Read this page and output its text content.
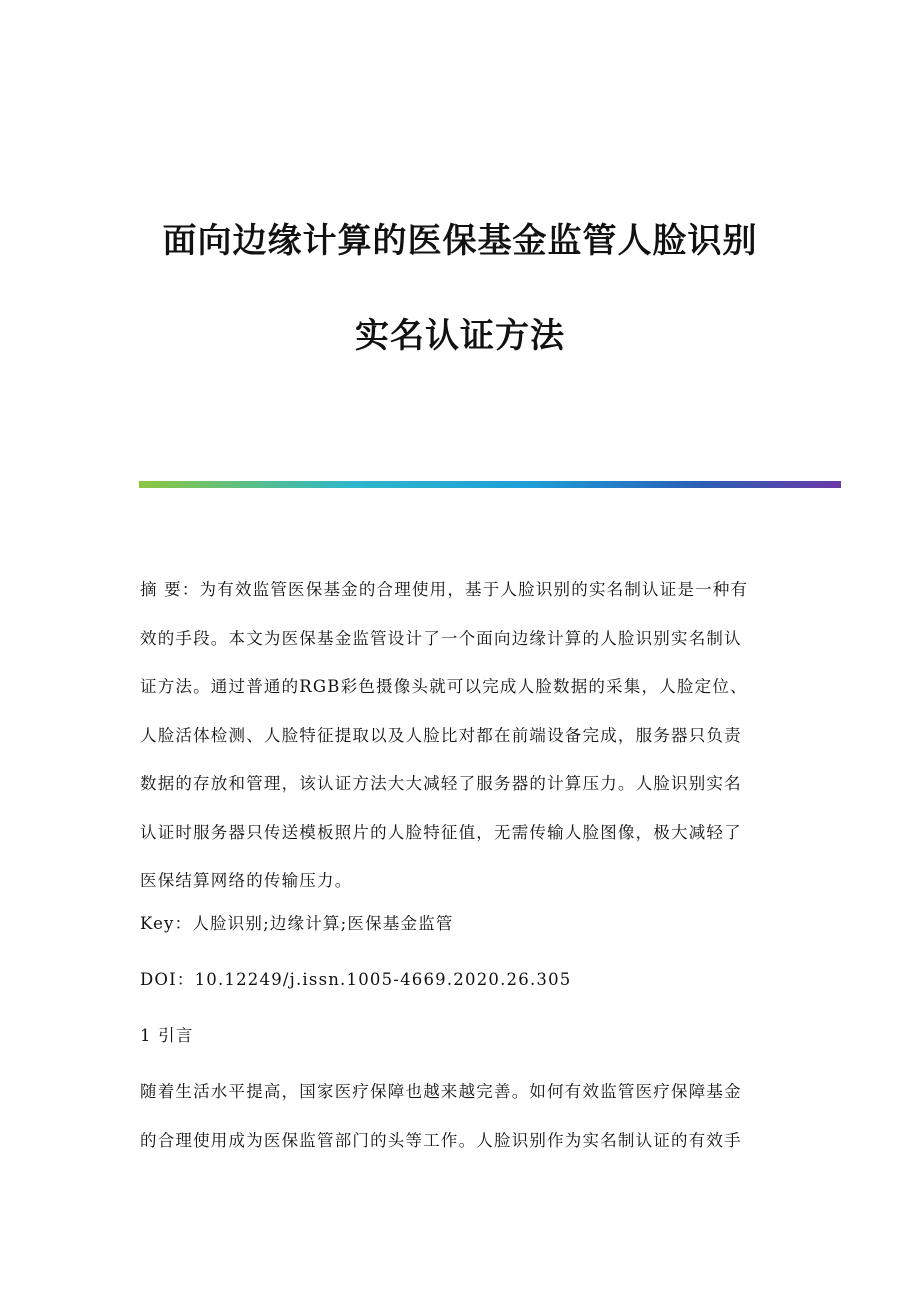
面向边缘计算的医保基金监管人脸识别
实名认证方法
摘 要：为有效监管医保基金的合理使用，基于人脸识别的实名制认证是一种有
效的手段。本文为医保基金监管设计了一个面向边缘计算的人脸识别实名制认
证方法。通过普通的RGB彩色摄像头就可以完成人脸数据的采集，人脸定位、
人脸活体检测、人脸特征提取以及人脸比对都在前端设备完成，服务器只负责
数据的存放和管理，该认证方法大大减轻了服务器的计算压力。人脸识别实名
认证时服务器只传送模板照片的人脸特征值，无需传输人脸图像，极大减轻了
医保结算网络的传输压力。
Key：人脸识别;边缘计算;医保基金监管
DOI：10.12249/j.issn.1005-4669.2020.26.305
1 引言
随着生活水平提高，国家医疗保障也越来越完善。如何有效监管医疗保障基金
的合理使用成为医保监管部门的头等工作。人脸识别作为实名制认证的有效手
